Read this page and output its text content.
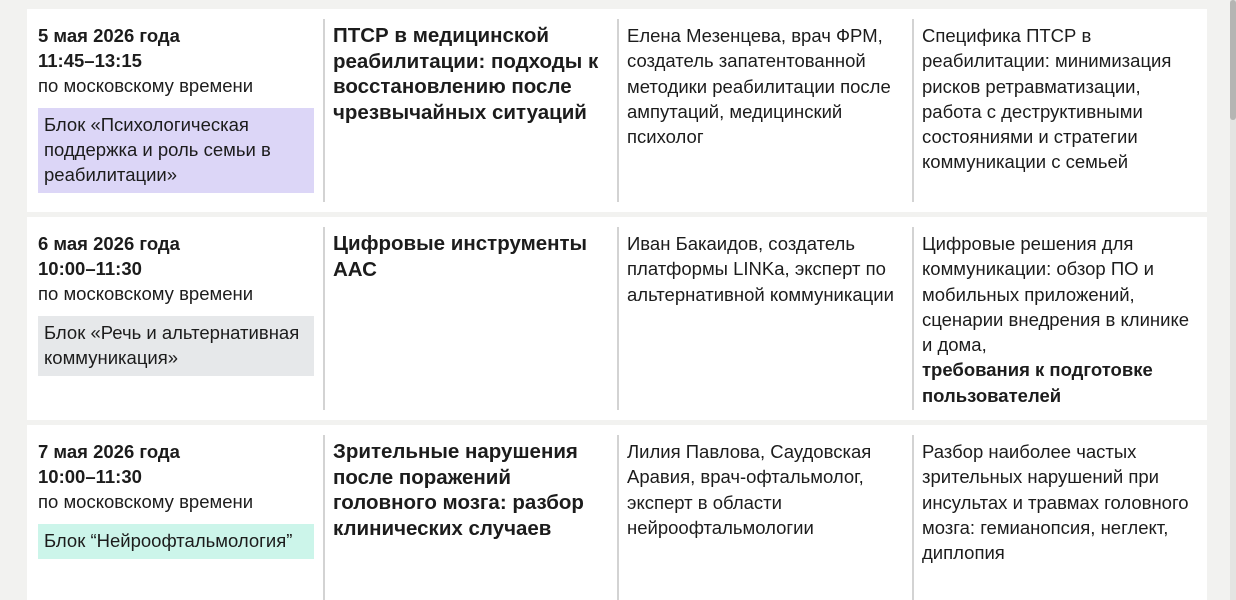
5 мая 2026 года
11:45–13:15
по московскому времени
Блок «Психологическая поддержка и роль семьи в реабилитации»
ПТСР в медицинской реабилитации: подходы к восстановлению после чрезвычайных ситуаций
Елена Мезенцева, врач ФРМ, создатель запатентованной методики реабилитации после ампутаций, медицинский психолог
Специфика ПТСР в реабилитации: минимизация рисков ретравматизации, работа с деструктивными состояниями и стратегии коммуникации с семьей
6 мая 2026 года
10:00–11:30
по московскому времени
Блок «Речь и альтернативная коммуникация»
Цифровые инструменты ААС
Иван Бакаидов, создатель платформы LINKa, эксперт по альтернативной коммуникации
Цифровые решения для коммуникации: обзор ПО и мобильных приложений, сценарии внедрения в клинике и дома,
требования к подготовке пользователей
7 мая 2026 года
10:00–11:30
по московскому времени
Блок “Нейроофтальмология”
Зрительные нарушения после поражений головного мозга: разбор клинических случаев
Лилия Павлова, Саудовская Аравия, врач-офтальмолог, эксперт в области нейроофтальмологии
Разбор наиболее частых зрительных нарушений при инсультах и травмах головного мозга: гемианопсия, неглект, диплопия
